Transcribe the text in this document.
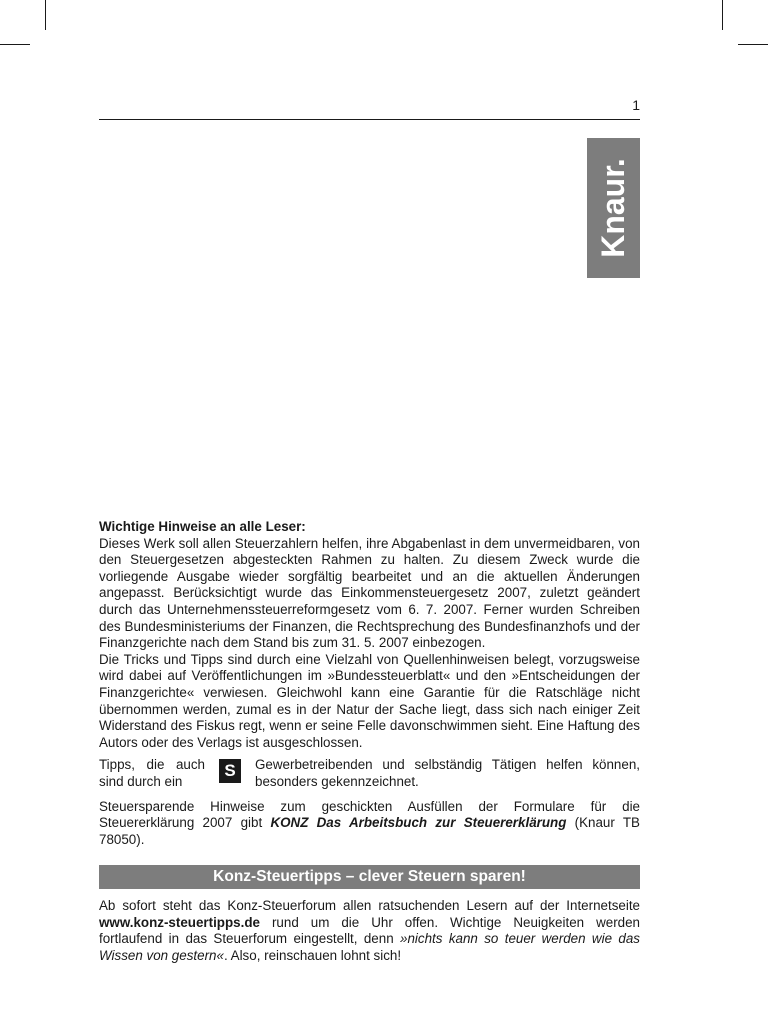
1
Knaur.

Wichtige Hinweise an alle Leser:

Dieses Werk soll allen Steuerzahlern helfen, ihre Abgabenlast in dem unvermeidbaren, von den Steuergesetzen abgesteckten Rahmen zu halten. Zu diesem Zweck wurde die vorliegende Ausgabe wieder sorgfältig bearbeitet und an die aktuellen Änderungen angepasst. Berücksichtigt wurde das Einkommensteuergesetz 2007, zuletzt geändert durch das Unternehmenssteuerreformgesetz vom 6. 7. 2007. Ferner wurden Schreiben des Bundesministeriums der Finanzen, die Rechtsprechung des Bundesfinanzhofs und der Finanzgerichte nach dem Stand bis zum 31. 5. 2007 einbezogen.

Die Tricks und Tipps sind durch eine Vielzahl von Quellenhinweisen belegt, vorzugsweise wird dabei auf Veröffentlichungen im »Bundessteuerblatt« und den »Entscheidungen der Finanzgerichte« verwiesen. Gleichwohl kann eine Garantie für die Ratschläge nicht übernommen werden, zumal es in der Natur der Sache liegt, dass sich nach einiger Zeit Widerstand des Fiskus regt, wenn er seine Felle davonschwimmen sieht. Eine Haftung des Autors oder des Verlags ist ausgeschlossen.

Tipps, die auch sind durch ein
S	Gewerbetreibenden und selbständig Tätigen helfen können, besonders gekennzeichnet.

Steuersparende Hinweise zum geschickten Ausfüllen der Formulare für die Steuererklärung 2007 gibt KONZ Das Arbeitsbuch zur Steuererklärung (Knaur TB 78050).

Konz-Steuertipps – clever Steuern sparen!

Ab sofort steht das Konz-Steuerforum allen ratsuchenden Lesern auf der Internetseite www.konz-steuertipps.de rund um die Uhr offen. Wichtige Neuigkeiten werden fortlaufend in das Steuerforum eingestellt, denn »nichts kann so teuer werden wie das Wissen von gestern«. Also, reinschauen lohnt sich!
